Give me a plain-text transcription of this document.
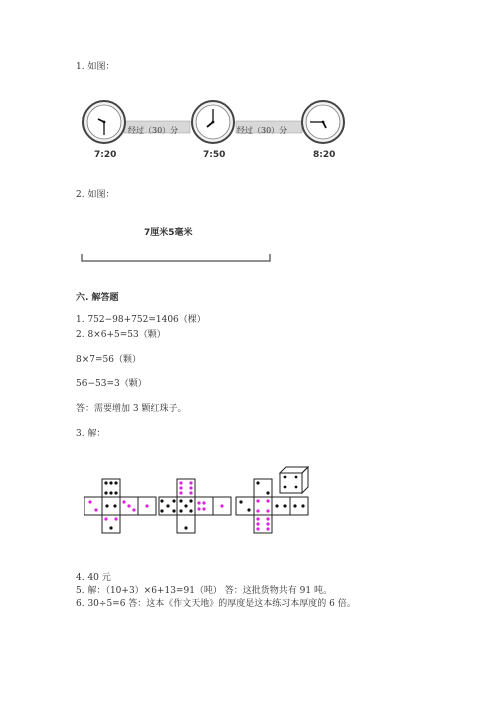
1. 如图：
经过（30）分	经过（30）分
7:20	7:50	8:20
2. 如图：
7厘米5毫米
六. 解答题
1. 752−98+752=1406（棵）
2. 8×6+5=53（颗）
8×7=56（颗）
56−53=3（颗）
答：需要增加 3 颗红珠子。
3. 解：
4. 40 元
5. 解：（10+3）×6+13=91（吨） 答：这批货物共有 91 吨。
6. 30÷5=6 答：这本《作文天地》的厚度是这本练习本厚度的 6 倍。
